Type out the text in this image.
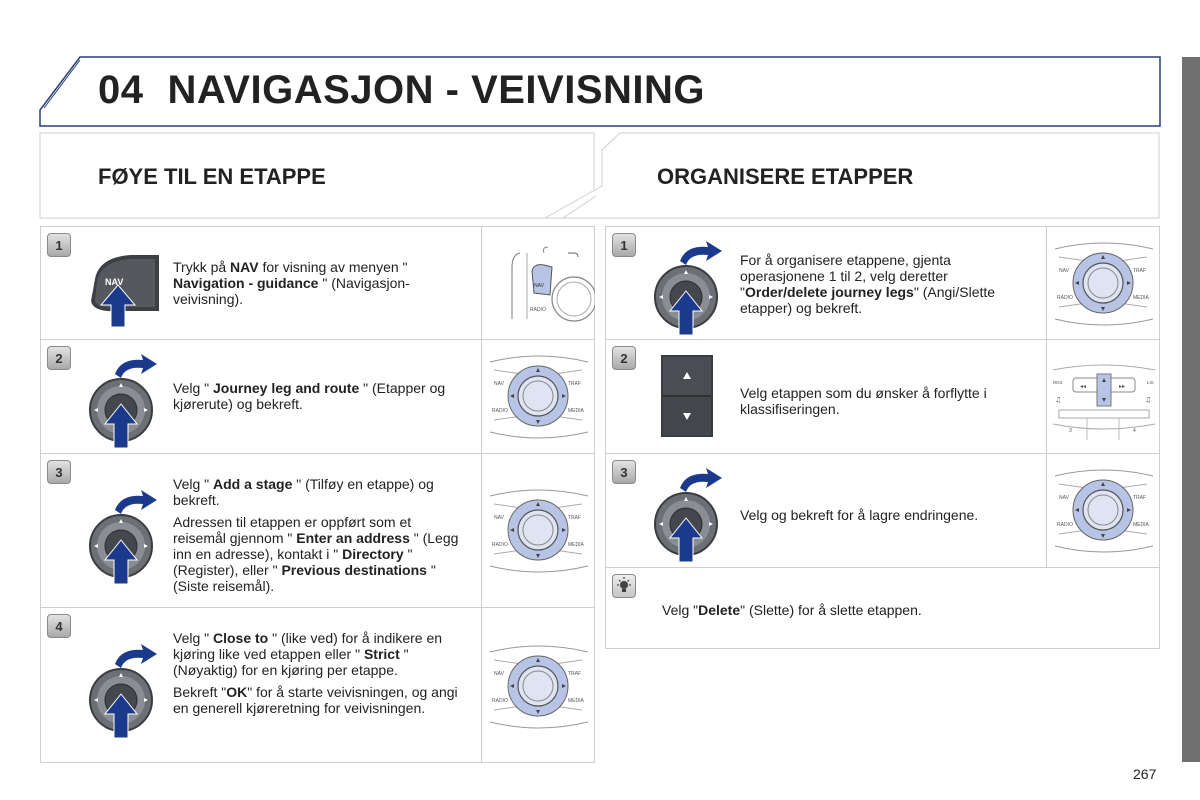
04 NAVIGASJON - VEIVISNING
FØYE TIL EN ETAPPE	ORGANISERE ETAPPER
1
NAV
Trykk på NAV for visning av menyen " Navigation - guidance " (Navigasjon-veivisning).
NAV
RADIO
2
Velg " Journey leg and route " (Etapper og kjørerute) og bekreft.
NAV	TRAF
RADIO	MEDIA
3

Velg " Add a stage " (Tilføy en etappe) og bekreft.

Adressen til etappen er oppført som et reisemål gjennom " Enter an address " (Legg inn en adresse), kontakt i " Directory " (Register), eller " Previous destinations " (Siste reisemål).

NAV	TRAF
RADIO	MEDIA
4

Velg " Close to " (like ved) for å indikere en kjøring like ved etappen eller " Strict " (Nøyaktig) for en kjøring per etappe.

Bekreft "OK" for å starte veivisningen, og angi en generell kjøreretning for veivisningen.

NAV	TRAF
RADIO	MEDIA
1
For å organisere etappene, gjenta operasjonene 1 til 2, velg deretter "Order/delete journey legs" (Angi/Slette etapper) og bekreft.
NAV	TRAF
RADIO	MEDIA
2
Velg etappen som du ønsker å forflytte i klassifiseringen.
◂◂	▸▸
RDS	LIS
♫	♫
3	4
3
Velg og bekreft for å lagre endringene.
NAV	TRAF
RADIO	MEDIA
Velg "Delete" (Slette) for å slette etappen.
267
